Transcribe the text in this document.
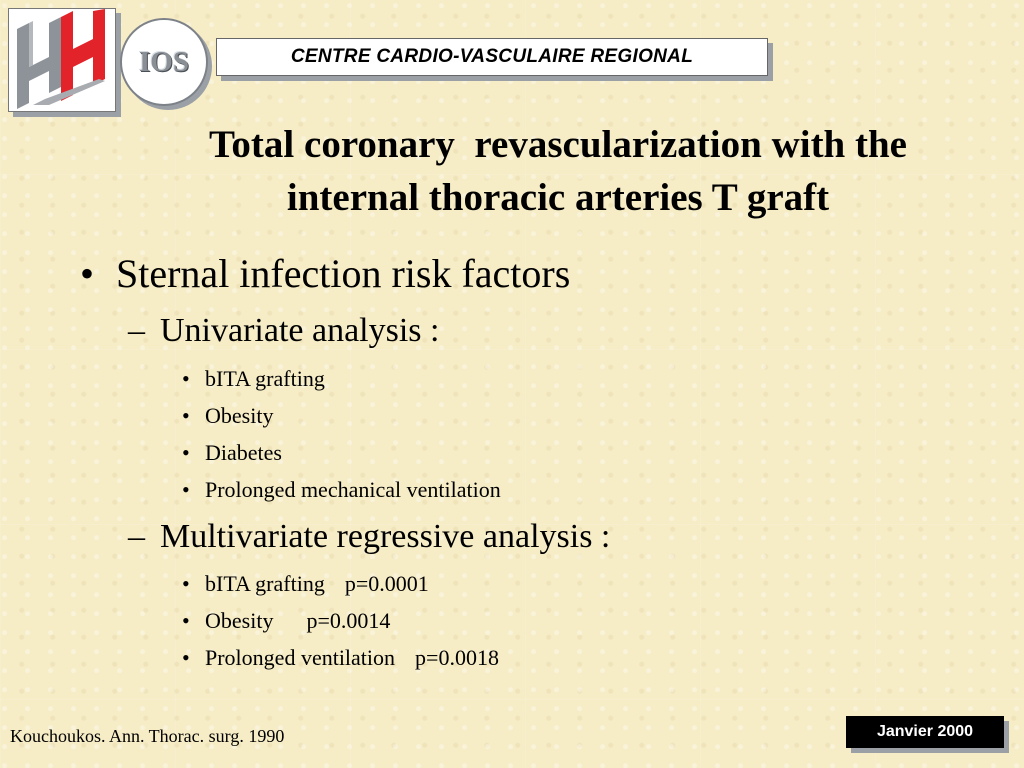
IOS	CENTRE CARDIO-VASCULAIRE REGIONAL
Total coronary  revascularization with the
internal thoracic arteries T graft
• Sternal infection risk factors
– Univariate analysis :
• bITA grafting
• Obesity
• Diabetes
• Prolonged mechanical ventilation
– Multivariate regressive analysis :
• bITA grafting p=0.0001
• Obesity p=0.0014
• Prolonged ventilation p=0.0018
Kouchoukos. Ann. Thorac. surg. 1990	Janvier 2000
